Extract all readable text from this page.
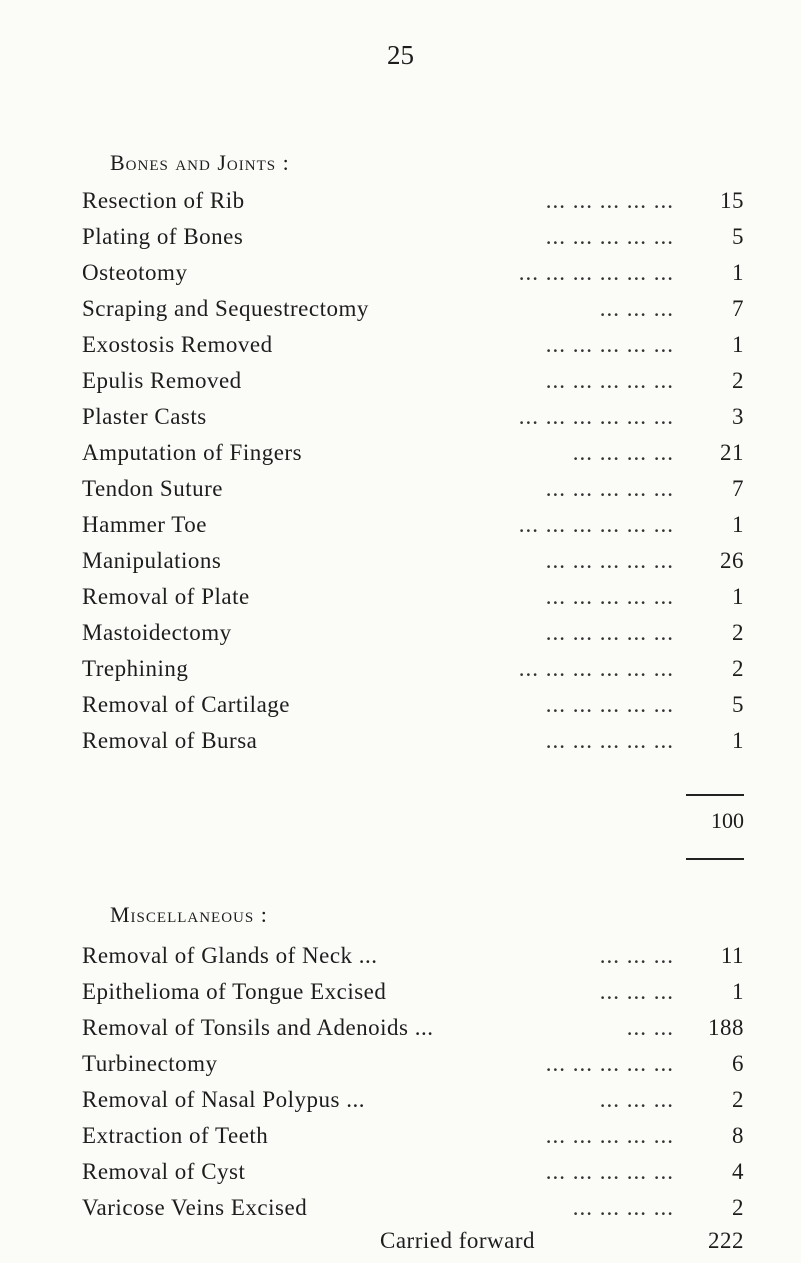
25
Bones and Joints :
Resection of Rib	... ... ... ... ... 15
Plating of Bones	... ... ... ... ...	5
Osteotomy	... ... ... ... ... ...	1
Scraping and Sequestrectomy	... ... ...	7
Exostosis Removed	... ... ... ... ...	1
Epulis Removed	... ... ... ... ...	2
Plaster Casts	... ... ... ... ... ...	3
Amputation of Fingers	... ... ... ... 21
Tendon Suture	... ... ... ... ...	7
Hammer Toe	... ... ... ... ... ...	1
Manipulations	... ... ... ... ... 26
Removal of Plate	... ... ... ... ...	1
Mastoidectomy	... ... ... ... ...	2
Trephining	... ... ... ... ... ...	2
Removal of Cartilage	... ... ... ... ...	5
Removal of Bursa	... ... ... ... ...	1
100
Miscellaneous :
Removal of Glands of Neck ...	... ... ... 11
Epithelioma of Tongue Excised	... ... ...	1
Removal of Tonsils and Adenoids ...	... ... 188
Turbinectomy	... ... ... ... ...	6
Removal of Nasal Polypus ...	... ... ...	2
Extraction of Teeth	... ... ... ... ...	8
Removal of Cyst	... ... ... ... ...	4
Varicose Veins Excised	... ... ... ...	2
Carried forward	222
